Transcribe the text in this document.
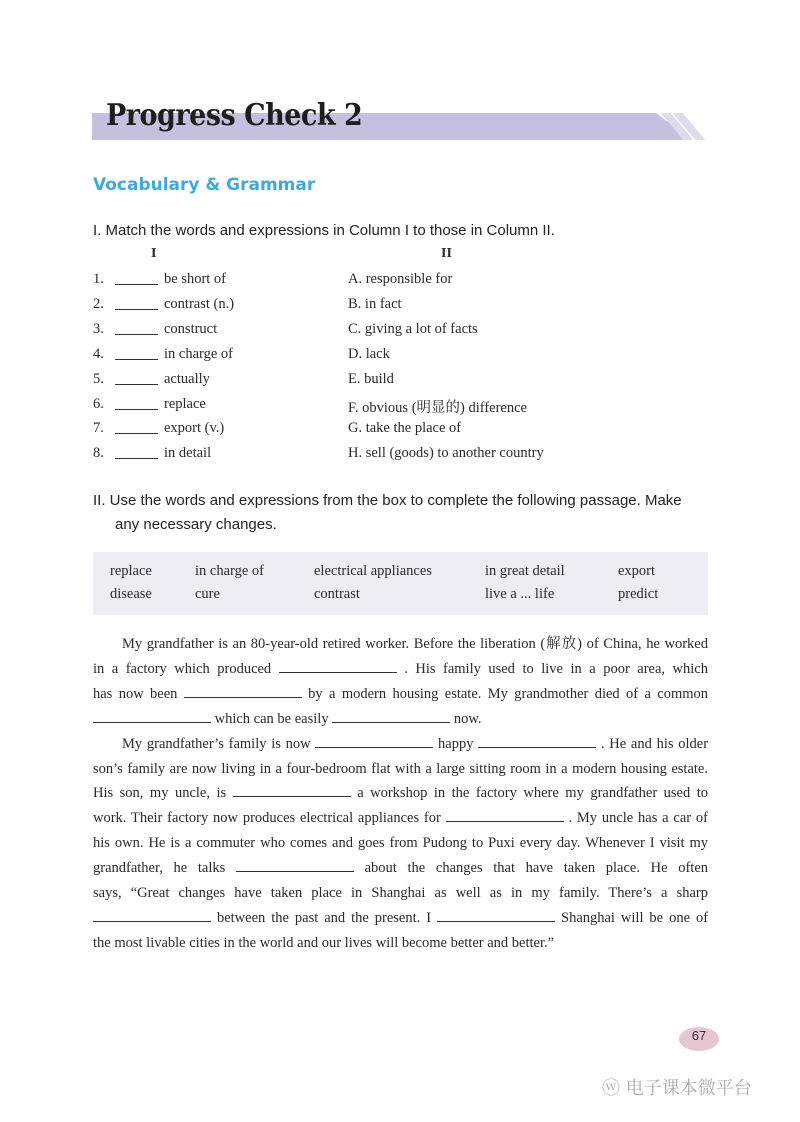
Progress Check 2
Vocabulary & Grammar
I. Match the words and expressions in Column I to those in Column II.
I	II
1.	be short of	A. responsible for
2.	contrast (n.)	B. in fact
3.	construct	C. giving a lot of facts
4.	in charge of	D. lack
5.	actually	E. build
6.	replace	F. obvious (明显的) difference
7.	export (v.)	G. take the place of
8.	in detail	H. sell (goods) to another country
II. Use the words and expressions from the box to complete the following passage. Make
any necessary changes.
replace	in charge of	electrical appliances	in great detail	export
disease	cure	contrast	live a ... life	predict
My grandfather is an 80-year-old retired worker. Before the liberation (解放) of China, he worked
in a factory which produced	. His family used to live in a poor area, which
has now been	by a modern housing estate. My grandmother died of a common
which can be easily	now.
My grandfather’s family is now	happy	. He and his older
son’s family are now living in a four-bedroom flat with a large sitting room in a modern housing estate.
His son, my uncle, is	a workshop in the factory where my grandfather used to
work. Their factory now produces electrical appliances for	. My uncle has a car of
his own. He is a commuter who comes and goes from Pudong to Puxi every day. Whenever I visit my
grandfather, he talks	about the changes that have taken place. He often
says, “Great changes have taken place in Shanghai as well as in my family. There’s a sharp
between the past and the present. I	Shanghai will be one of
the most livable cities in the world and our lives will become better and better.”
67
ⓦ 电子课本微平台
